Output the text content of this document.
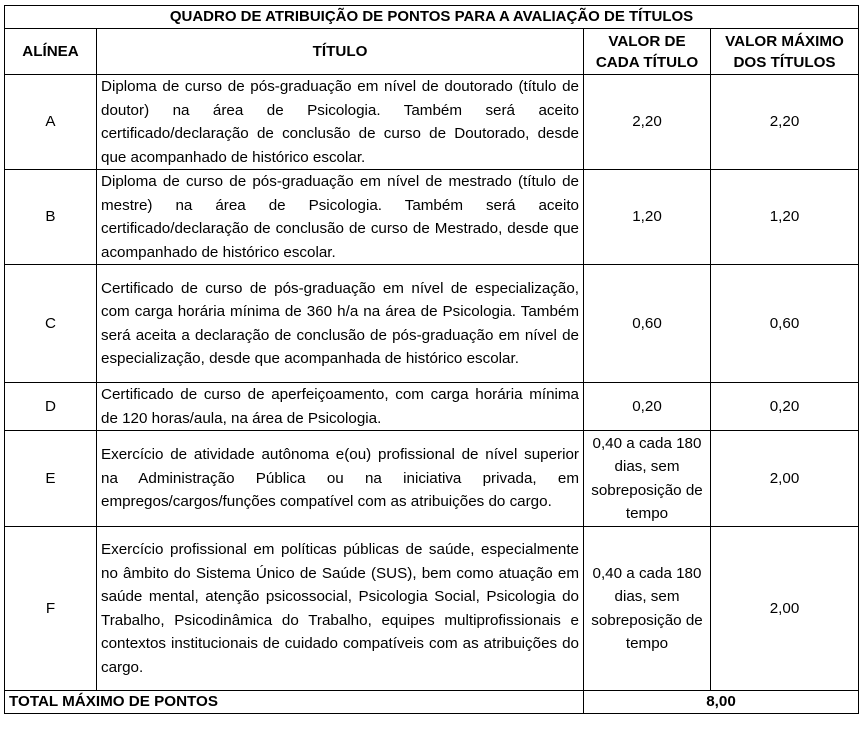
QUADRO DE ATRIBUIÇÃO DE PONTOS PARA A AVALIAÇÃO DE TÍTULOS			
ALÍNEA	TÍTULO	VALOR DE CADA TÍTULO	VALOR MÁXIMO DOS TÍTULOS
A	Diploma de curso de pós-graduação em nível de doutorado (título de doutor) na área de Psicologia. Também será aceito certificado/declaração de conclusão de curso de Doutorado, desde que acompanhado de histórico escolar.	2,20	2,20
B	Diploma de curso de pós-graduação em nível de mestrado (título de mestre) na área de Psicologia. Também será aceito certificado/declaração de conclusão de curso de Mestrado, desde que acompanhado de histórico escolar.	1,20	1,20
C	Certificado de curso de pós-graduação em nível de especialização, com carga horária mínima de 360 h/a na área de Psicologia. Também será aceita a declaração de conclusão de pós-graduação em nível de especialização, desde que acompanhada de histórico escolar.	0,60	0,60
D	Certificado de curso de aperfeiçoamento, com carga horária mínima de 120 horas/aula, na área de Psicologia.	0,20	0,20
E	Exercício de atividade autônoma e(ou) profissional de nível superior na Administração Pública ou na iniciativa privada, em empregos/cargos/funções compatível com as atribuições do cargo.	0,40 a cada 180 dias, sem sobreposição de tempo	2,00
F	Exercício profissional em políticas públicas de saúde, especialmente no âmbito do Sistema Único de Saúde (SUS), bem como atuação em saúde mental, atenção psicossocial, Psicologia Social, Psicologia do Trabalho, Psicodinâmica do Trabalho, equipes multiprofissionais e contextos institucionais de cuidado compatíveis com as atribuições do cargo.	0,40 a cada 180 dias, sem sobreposição de tempo	2,00
TOTAL MÁXIMO DE PONTOS		8,00	
